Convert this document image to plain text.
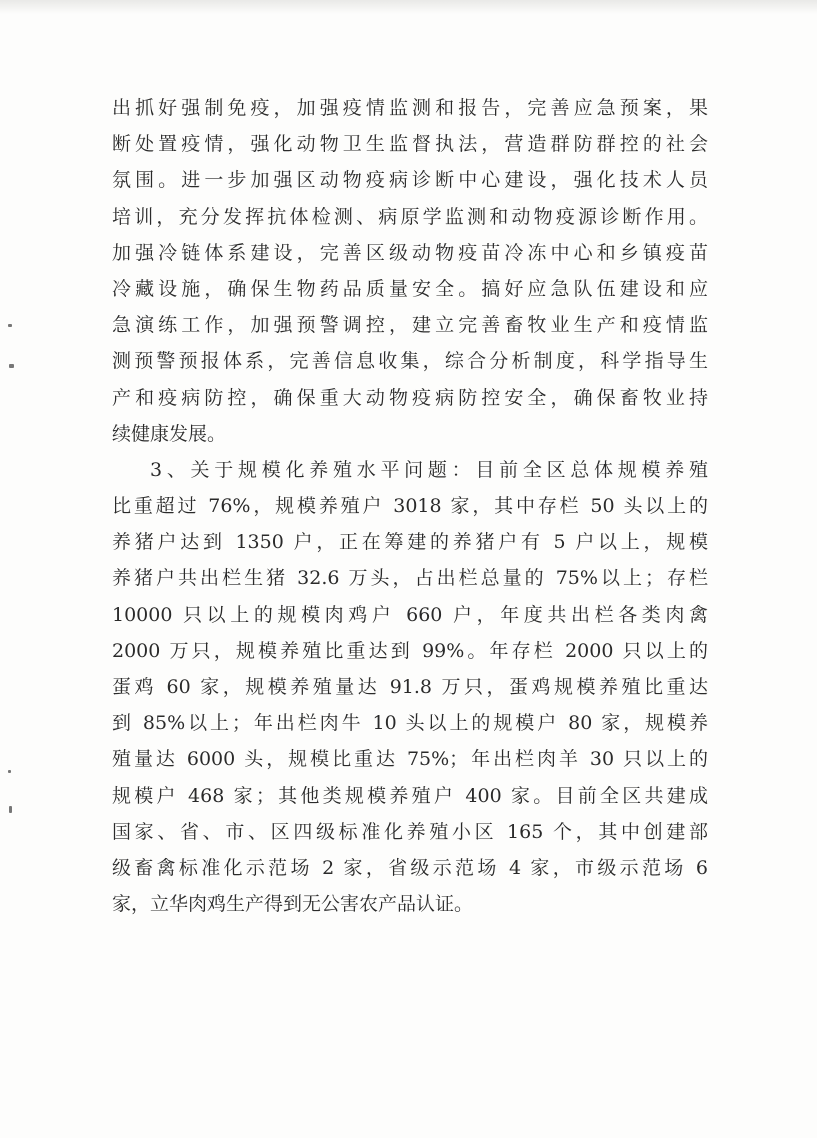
出抓好强制免疫，加强疫情监测和报告，完善应急预案，果
断处置疫情，强化动物卫生监督执法，营造群防群控的社会
氛围。进一步加强区动物疫病诊断中心建设，强化技术人员
培训，充分发挥抗体检测、病原学监测和动物疫源诊断作用。
加强冷链体系建设，完善区级动物疫苗冷冻中心和乡镇疫苗
冷藏设施，确保生物药品质量安全。搞好应急队伍建设和应
急演练工作，加强预警调控，建立完善畜牧业生产和疫情监
测预警预报体系，完善信息收集，综合分析制度，科学指导生
产和疫病防控，确保重大动物疫病防控安全，确保畜牧业持
续健康发展。
3、关于规模化养殖水平问题：目前全区总体规模养殖
比重超过 76%，规模养殖户 3018 家，其中存栏 50 头以上的
养猪户达到 1350 户，正在筹建的养猪户有 5 户以上，规模
养猪户共出栏生猪 32.6 万头，占出栏总量的 75%以上；存栏
10000 只以上的规模肉鸡户 660 户，年度共出栏各类肉禽
2000 万只，规模养殖比重达到 99%。年存栏 2000 只以上的
蛋鸡 60 家，规模养殖量达 91.8 万只，蛋鸡规模养殖比重达
到 85%以上；年出栏肉牛 10 头以上的规模户 80 家，规模养
殖量达 6000 头，规模比重达 75%；年出栏肉羊 30 只以上的
规模户 468 家；其他类规模养殖户 400 家。目前全区共建成
国家、省、市、区四级标准化养殖小区 165 个，其中创建部
级畜禽标准化示范场 2 家，省级示范场 4 家，市级示范场 6
家，立华肉鸡生产得到无公害农产品认证。
